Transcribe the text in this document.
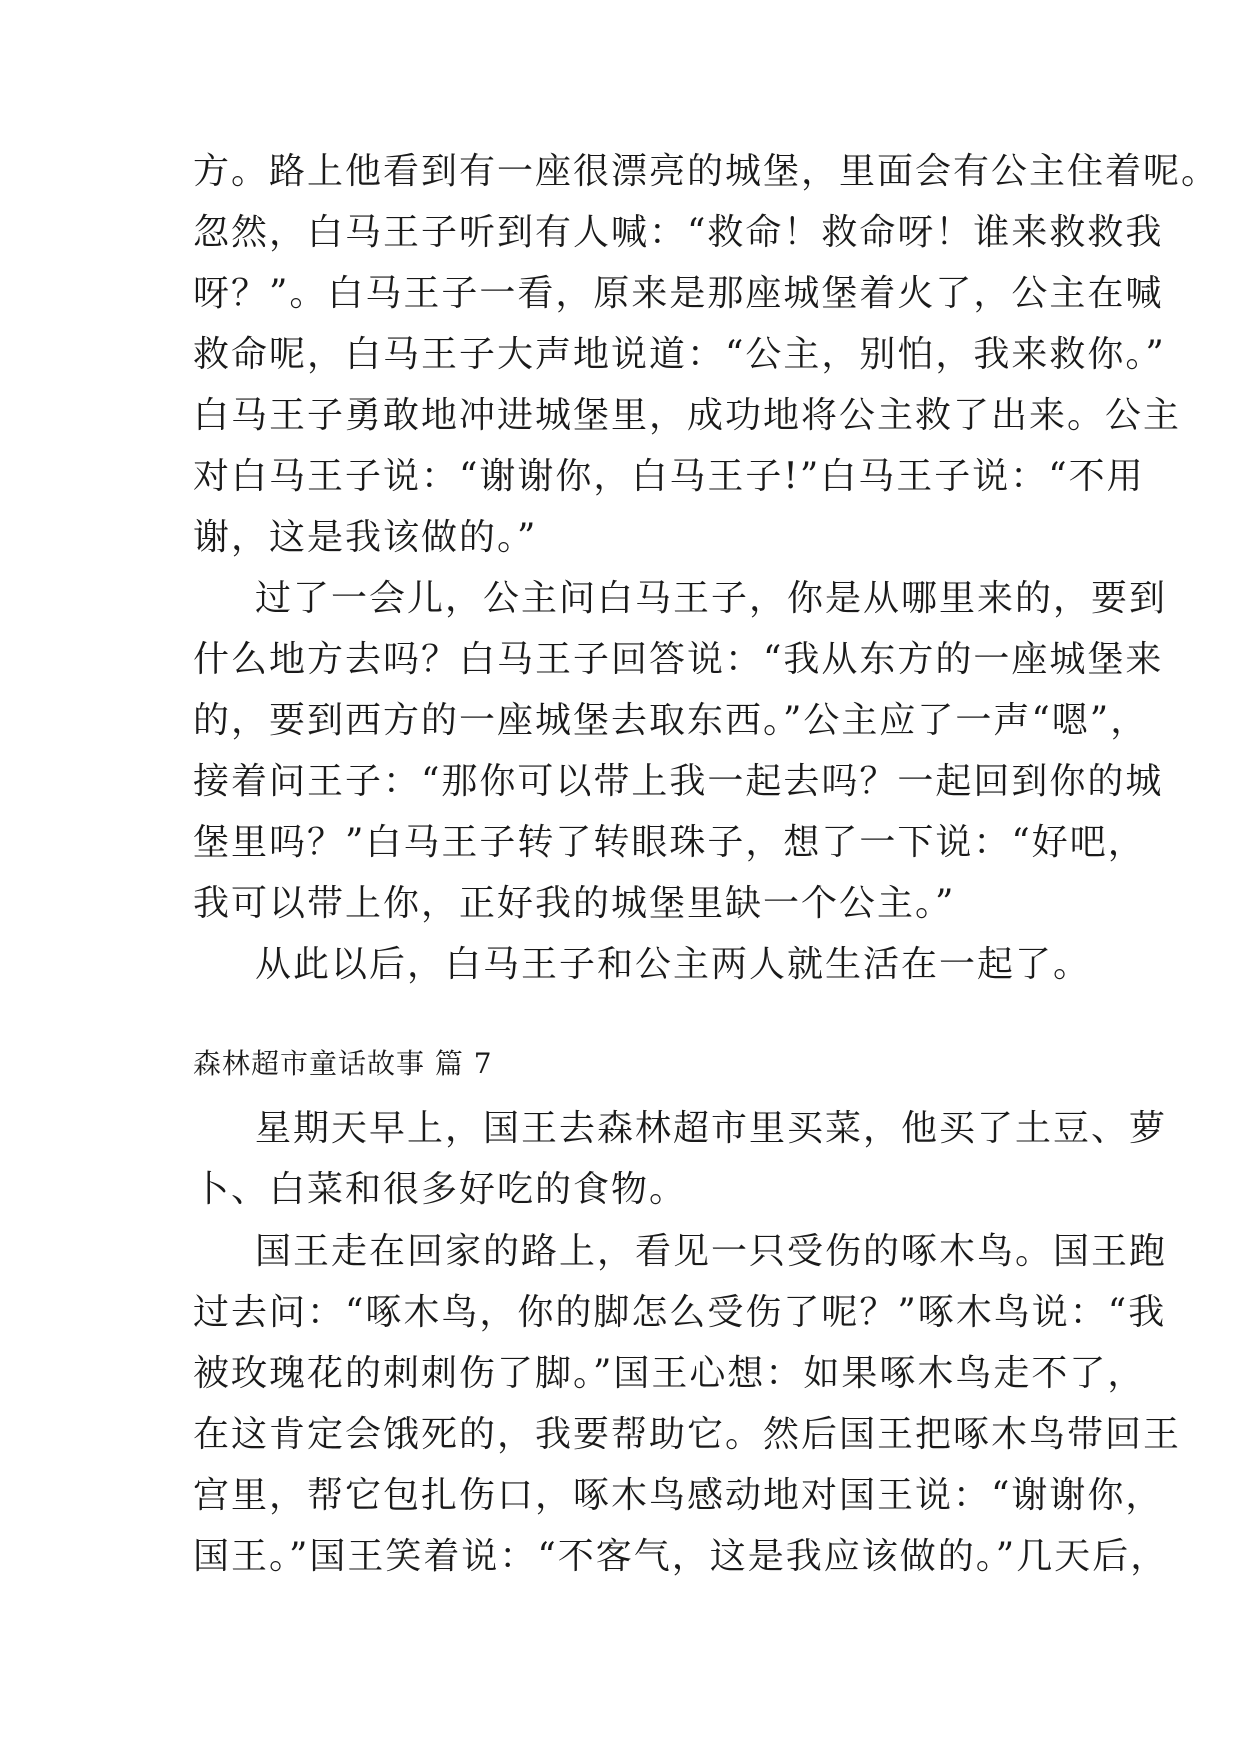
方。路上他看到有一座很漂亮的城堡，里面会有公主住着呢。
忽然，白马王子听到有人喊：“救命！救命呀！谁来救救我
呀？”。白马王子一看，原来是那座城堡着火了，公主在喊
救命呢，白马王子大声地说道：“公主，别怕，我来救你。”
白马王子勇敢地冲进城堡里，成功地将公主救了出来。公主
对白马王子说：“谢谢你，白马王子!”白马王子说：“不用
谢，这是我该做的。”
过了一会儿，公主问白马王子，你是从哪里来的，要到
什么地方去吗？白马王子回答说：“我从东方的一座城堡来
的，要到西方的一座城堡去取东西。”公主应了一声“嗯”，
接着问王子：“那你可以带上我一起去吗？一起回到你的城
堡里吗？”白马王子转了转眼珠子，想了一下说：“好吧，
我可以带上你，正好我的城堡里缺一个公主。”
从此以后，白马王子和公主两人就生活在一起了。
森林超市童话故事 篇 7
星期天早上，国王去森林超市里买菜，他买了土豆、萝
卜、白菜和很多好吃的食物。
国王走在回家的路上，看见一只受伤的啄木鸟。国王跑
过去问：“啄木鸟，你的脚怎么受伤了呢？”啄木鸟说：“我
被玫瑰花的刺刺伤了脚。”国王心想：如果啄木鸟走不了，
在这肯定会饿死的，我要帮助它。然后国王把啄木鸟带回王
宫里，帮它包扎伤口，啄木鸟感动地对国王说：“谢谢你，
国王。”国王笑着说：“不客气，这是我应该做的。”几天后，
